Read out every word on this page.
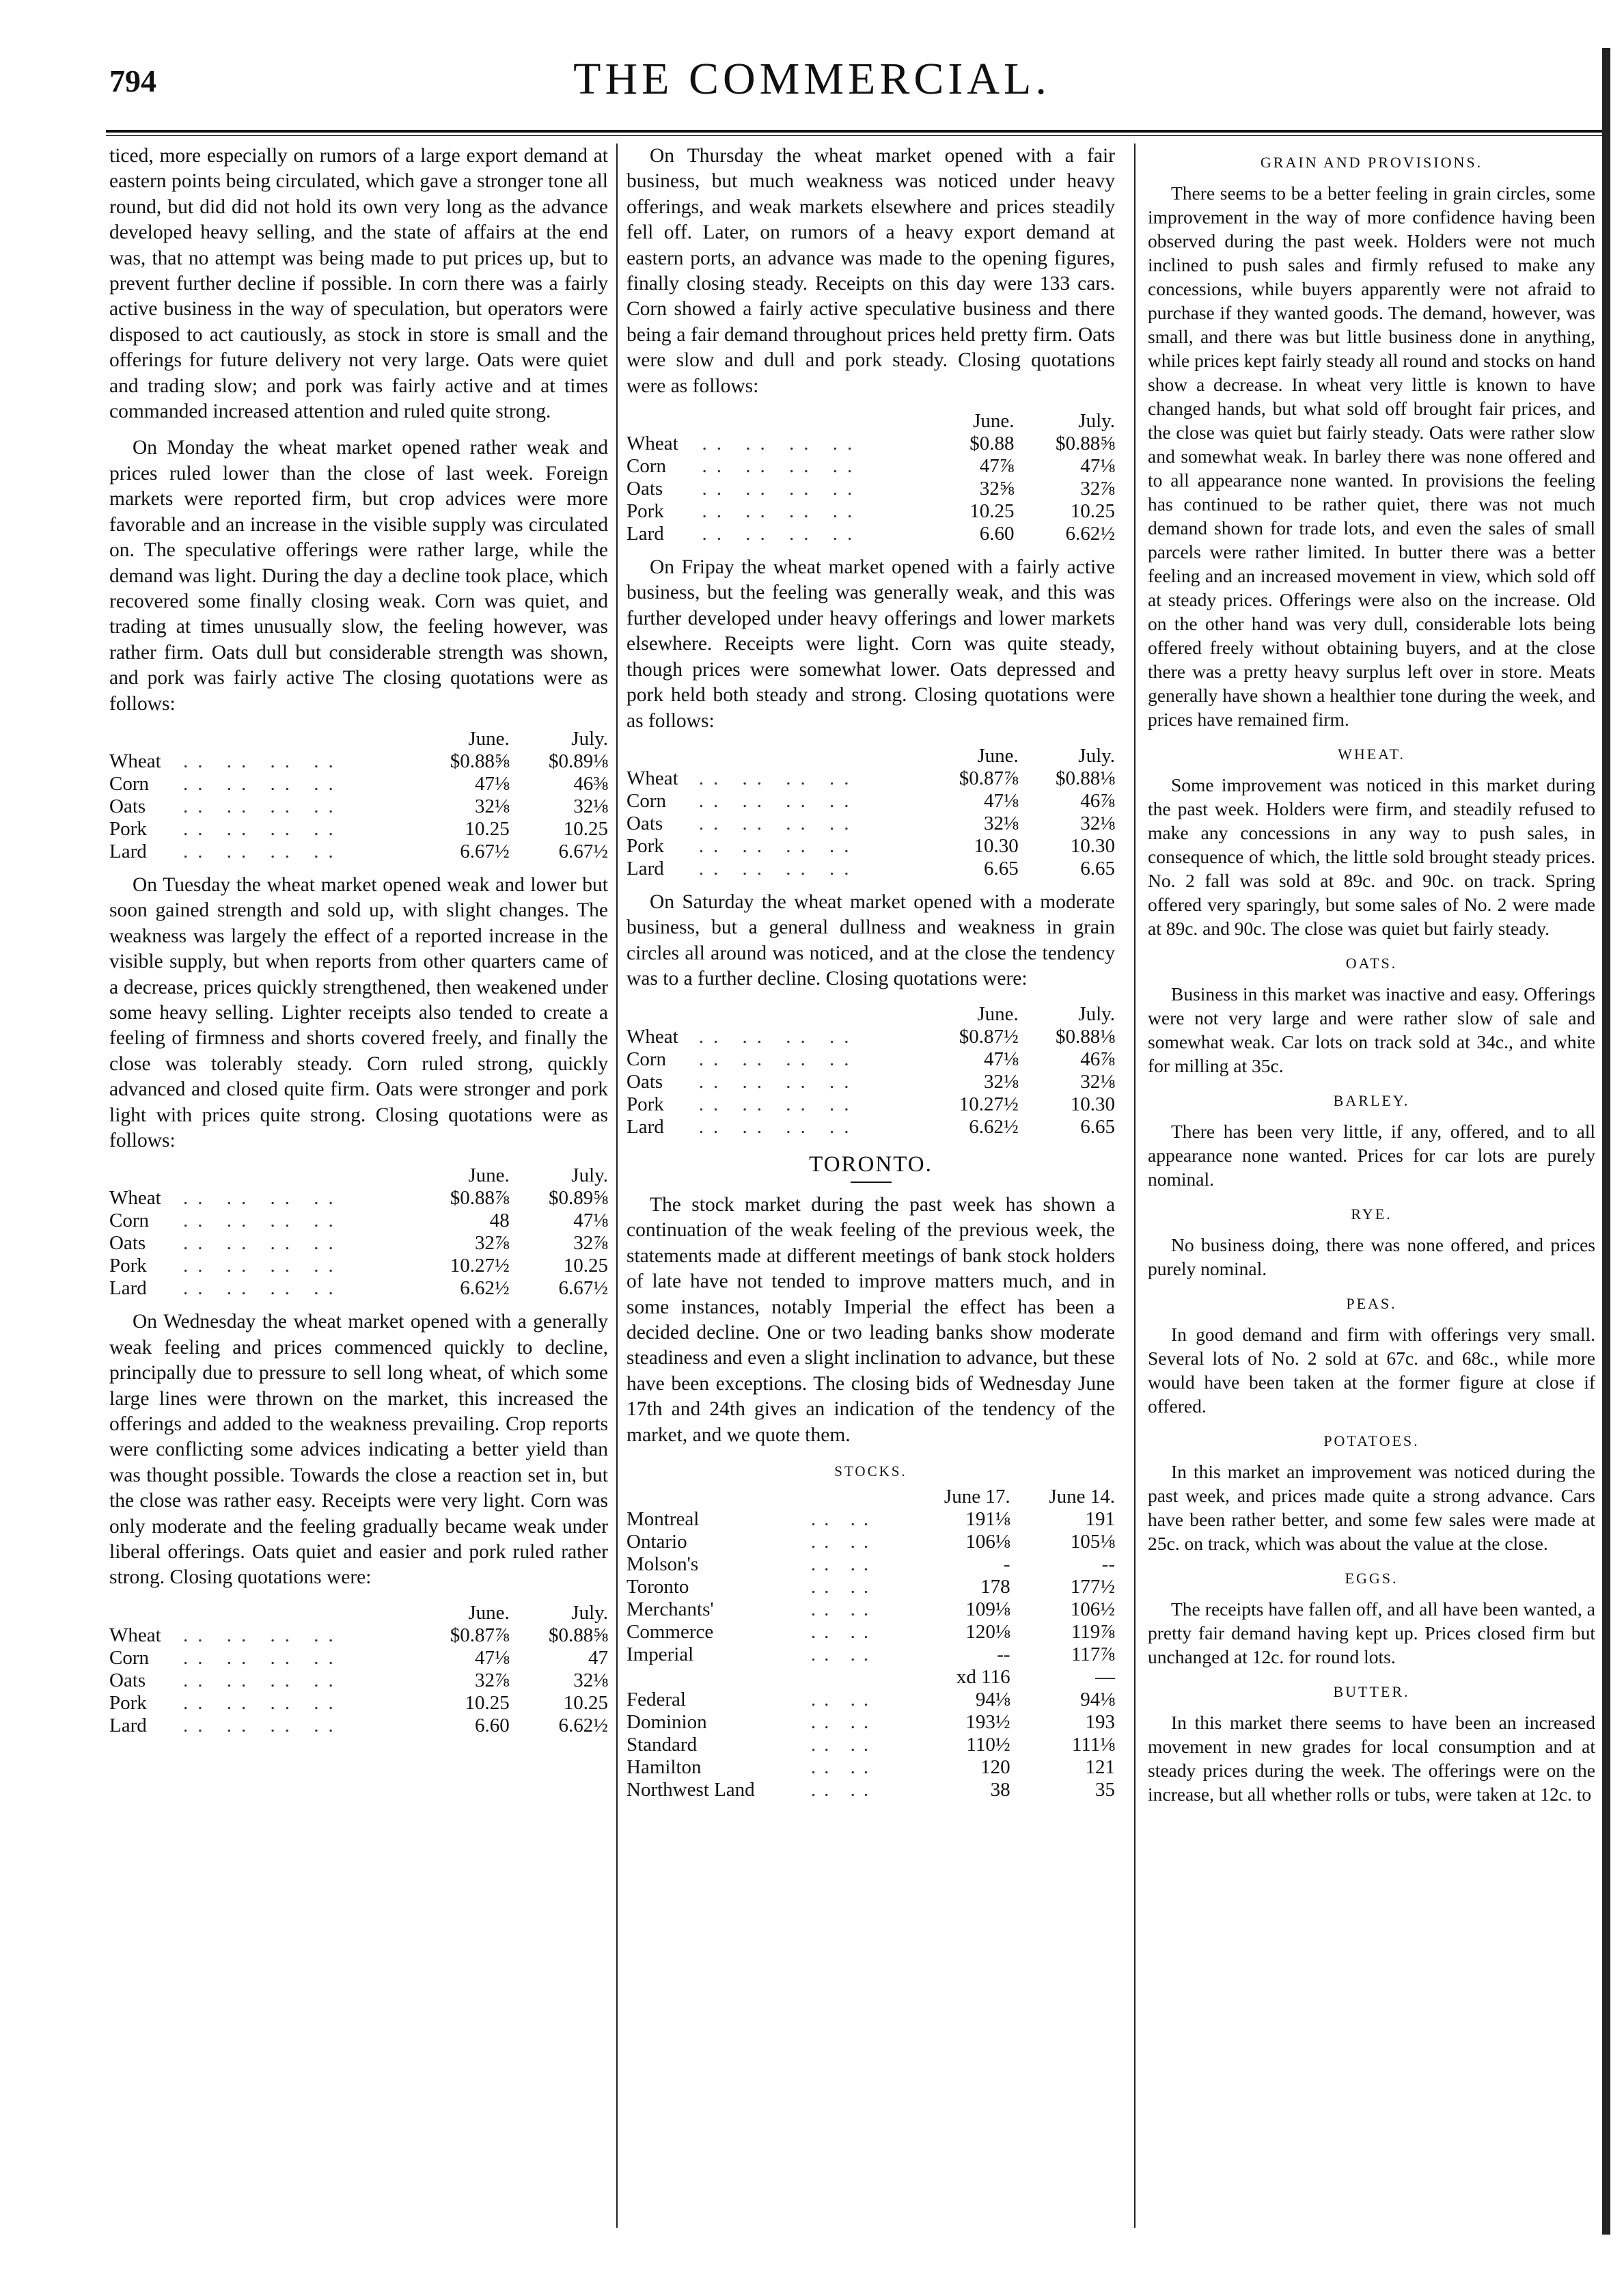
794	THE COMMERCIAL.

ticed, more especially on rumors of a large export demand at eastern points being circulated, which gave a stronger tone all round, but did did not hold its own very long as the advance developed heavy selling, and the state of affairs at the end was, that no attempt was being made to put prices up, but to prevent further decline if possible. In corn there was a fairly active business in the way of speculation, but operators were disposed to act cautiously, as stock in store is small and the offerings for future delivery not very large. Oats were quiet and trading slow; and pork was fairly active and at times commanded increased attention and ruled quite strong.

On Monday the wheat market opened rather weak and prices ruled lower than the close of last week. Foreign markets were reported firm, but crop advices were more favorable and an increase in the visible supply was circulated on. The speculative offerings were rather large, while the demand was light. During the day a decline took place, which recovered some finally closing weak. Corn was quiet, and trading at times unusually slow, the feeling however, was rather firm. Oats dull but considerable strength was shown, and pork was fairly active The closing quotations were as follows:

		June.	July.
Wheat	.. .. .. ..	$0.88⅝	$0.89⅛
Corn	.. .. .. ..	47⅛	46⅜
Oats	.. .. .. ..	32⅛	32⅛
Pork	.. .. .. ..	10.25	10.25
Lard	.. .. .. ..	6.67½	6.67½

On Tuesday the wheat market opened weak and lower but soon gained strength and sold up, with slight changes. The weakness was largely the effect of a reported increase in the visible supply, but when reports from other quarters came of a decrease, prices quickly strengthened, then weakened under some heavy selling. Lighter receipts also tended to create a feeling of firmness and shorts covered freely, and finally the close was tolerably steady. Corn ruled strong, quickly advanced and closed quite firm. Oats were stronger and pork light with prices quite strong. Closing quotations were as follows:

		June.	July.
Wheat	.. .. .. ..	$0.88⅞	$0.89⅝
Corn	.. .. .. ..	48	47⅛
Oats	.. .. .. ..	32⅞	32⅞
Pork	.. .. .. ..	10.27½	10.25
Lard	.. .. .. ..	6.62½	6.67½

On Wednesday the wheat market opened with a generally weak feeling and prices commenced quickly to decline, principally due to pressure to sell long wheat, of which some large lines were thrown on the market, this increased the offerings and added to the weakness prevailing. Crop reports were conflicting some advices indicating a better yield than was thought possible. Towards the close a reaction set in, but the close was rather easy. Receipts were very light. Corn was only moderate and the feeling gradually became weak under liberal offerings. Oats quiet and easier and pork ruled rather strong. Closing quotations were:

		June.	July.
Wheat	.. .. .. ..	$0.87⅞	$0.88⅝
Corn	.. .. .. ..	47⅛	47
Oats	.. .. .. ..	32⅞	32⅛
Pork	.. .. .. ..	10.25	10.25
Lard	.. .. .. ..	6.60	6.62½

On Thursday the wheat market opened with a fair business, but much weakness was noticed under heavy offerings, and weak markets elsewhere and prices steadily fell off. Later, on rumors of a heavy export demand at eastern ports, an advance was made to the opening figures, finally closing steady. Receipts on this day were 133 cars. Corn showed a fairly active speculative business and there being a fair demand throughout prices held pretty firm. Oats were slow and dull and pork steady. Closing quotations were as follows:

		June.	July.
Wheat	.. .. .. ..	$0.88	$0.88⅝
Corn	.. .. .. ..	47⅞	47⅛
Oats	.. .. .. ..	32⅝	32⅞
Pork	.. .. .. ..	10.25	10.25
Lard	.. .. .. ..	6.60	6.62½

On Fripay the wheat market opened with a fairly active business, but the feeling was generally weak, and this was further developed under heavy offerings and lower markets elsewhere. Receipts were light. Corn was quite steady, though prices were somewhat lower. Oats depressed and pork held both steady and strong. Closing quotations were as follows:

		June.	July.
Wheat	.. .. .. ..	$0.87⅞	$0.88⅛
Corn	.. .. .. ..	47⅛	46⅞
Oats	.. .. .. ..	32⅛	32⅛
Pork	.. .. .. ..	10.30	10.30
Lard	.. .. .. ..	6.65	6.65

On Saturday the wheat market opened with a moderate business, but a general dullness and weakness in grain circles all around was noticed, and at the close the tendency was to a further decline. Closing quotations were:

		June.	July.
Wheat	.. .. .. ..	$0.87½	$0.88⅛
Corn	.. .. .. ..	47⅛	46⅞
Oats	.. .. .. ..	32⅛	32⅛
Pork	.. .. .. ..	10.27½	10.30
Lard	.. .. .. ..	6.62½	6.65
TORONTO.

The stock market during the past week has shown a continuation of the weak feeling of the previous week, the statements made at different meetings of bank stock holders of late have not tended to improve matters much, and in some instances, notably Imperial the effect has been a decided decline. One or two leading banks show moderate steadiness and even a slight inclination to advance, but these have been exceptions. The closing bids of Wednesday June 17th and 24th gives an indication of the tendency of the market, and we quote them.

STOCKS.
		June 17.	June 14.
Montreal	.. ..	191⅛	191
Ontario	.. ..	106⅛	105⅛
Molson's	.. ..	-	--
Toronto	.. ..	178	177½
Merchants'	.. ..	109⅛	106½
Commerce	.. ..	120⅛	119⅞
Imperial	.. ..	--	117⅞
		xd 116	—
Federal	.. ..	94⅛	94⅛
Dominion	.. ..	193½	193
Standard	.. ..	110½	111⅛
Hamilton	.. ..	120	121
Northwest Land	.. ..	38	35
GRAIN AND PROVISIONS.

There seems to be a better feeling in grain circles, some improvement in the way of more confidence having been observed during the past week. Holders were not much inclined to push sales and firmly refused to make any concessions, while buyers apparently were not afraid to purchase if they wanted goods. The demand, however, was small, and there was but little business done in anything, while prices kept fairly steady all round and stocks on hand show a decrease. In wheat very little is known to have changed hands, but what sold off brought fair prices, and the close was quiet but fairly steady. Oats were rather slow and somewhat weak. In barley there was none offered and to all appearance none wanted. In provisions the feeling has continued to be rather quiet, there was not much demand shown for trade lots, and even the sales of small parcels were rather limited. In butter there was a better feeling and an increased movement in view, which sold off at steady prices. Offerings were also on the increase. Old on the other hand was very dull, considerable lots being offered freely without obtaining buyers, and at the close there was a pretty heavy surplus left over in store. Meats generally have shown a healthier tone during the week, and prices have remained firm.

WHEAT.

Some improvement was noticed in this market during the past week. Holders were firm, and steadily refused to make any concessions in any way to push sales, in consequence of which, the little sold brought steady prices. No. 2 fall was sold at 89c. and 90c. on track. Spring offered very sparingly, but some sales of No. 2 were made at 89c. and 90c. The close was quiet but fairly steady.

OATS.

Business in this market was inactive and easy. Offerings were not very large and were rather slow of sale and somewhat weak. Car lots on track sold at 34c., and white for milling at 35c.

BARLEY.

There has been very little, if any, offered, and to all appearance none wanted. Prices for car lots are purely nominal.

RYE.

No business doing, there was none offered, and prices purely nominal.

PEAS.

In good demand and firm with offerings very small. Several lots of No. 2 sold at 67c. and 68c., while more would have been taken at the former figure at close if offered.

POTATOES.

In this market an improvement was noticed during the past week, and prices made quite a strong advance. Cars have been rather better, and some few sales were made at 25c. on track, which was about the value at the close.

EGGS.

The receipts have fallen off, and all have been wanted, a pretty fair demand having kept up. Prices closed firm but unchanged at 12c. for round lots.

BUTTER.

In this market there seems to have been an increased movement in new grades for local consumption and at steady prices during the week. The offerings were on the increase, but all whether rolls or tubs, were taken at 12c. to
